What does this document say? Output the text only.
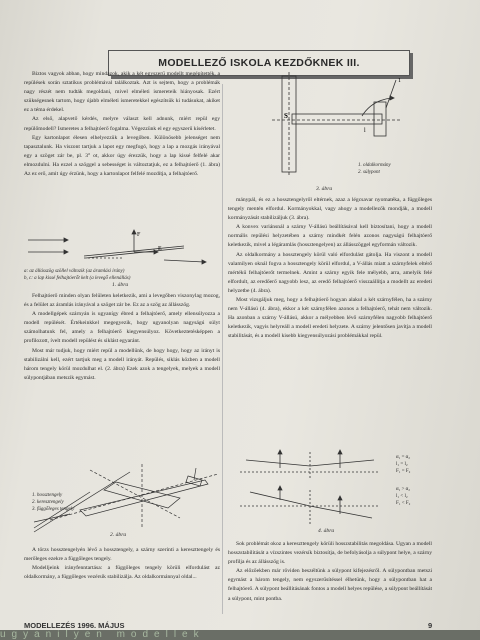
MODELLEZŐ ISKOLA KEZDŐKNEK III.

Biztos vagyok abban, hogy mindazok, akik a két egyszerű modellt megépítették, a repülések során sztatikus problémával találkoztak. Azt is sejtem, hogy a problémák nagy részét nem tudták megoldani, mivel elméleti ismereteik hiányosak. Ezért szükségesnek tartom, hogy újabb elméleti ismeretekkel egészítsük ki tudásukat, akiket ez a téma érdekel.

Az első, alapvető kérdés, melyre választ kell adnunk, miért repül egy repülőmodell? Ismeretes a felhajtóerő fogalma. Végezzünk el egy egyszerű kísérletet.

Egy kartonlapot élesen elhelyezzük a levegőben. Különösebb jelenséget nem tapasztalunk. Ha viszont tartjuk a lapot egy megfogó, hogy a lap a mozgás irányával egy a szöget zár be, pl. 3° ot, akkor úgy érezzük, hogy a lap kissé felfelé akar elmozdulni. Ha ezzel a szöggel a sebességet is változtatjuk, ez a felhajtóerő (1. ábra) Az ez erő, amit úgy érzünk, hogy a kartonlapot felfelé mozdítja, a felhajtóerő.

F
E
a: az állásszög szöllel változik (az áramlási irány)
b, c: a lap kissé felhajtóerőt kelt (a levegő ellenállás)
1. ábra

Felhajtóerő minden olyan felületen keletkezik, ami a levegőben viszonylag mozog, és a felület az áramlás irányával a szöget zár be. Ez az a szög az állásszög.

A modellgépek szárnyán is ugyanígy ébred a felhajtóerő, amely ellensúlyozza a modell repülését. Értékeinkkel megegyezik, hogy ugyanolyan nagyságú súlyt számolhatunk fel, amely a felhajtóerő kiegyensúlyoz. Következtetésképpen a profilozott, ívelt modell repülést és siklást egyaránt.

Most már tudjuk, hogy miért repül a modellünk, de hogy hogy, hogy az irányt is stabilizálni kell, ezért tartjuk meg a modell irányát. Repülés, siklás közben a modell három tengely körül mozdulhat el. (2. ábra) Ezek azok a tengelyek, melyek a modell súlypontjában metszik egymást.

1. hossztengely
2. keresztengely
3. függőleges tengely
2. ábra

A törzs hossztengelyén lévő a hossztengely, a szárny szerinti a kereszttengely és merőleges ezekre a függőleges tengely.

Modelljeink irányfenntartása: a függőleges tengely körüli elfordulást az oldalkormány, a függőleges vezérsík stabilizálja. Az oldalkormánnyal oldal...

S
l
1
1. oldalkormány
2. súlypont
3. ábra

mánypál, és ez a hossztengelyről eltérnek, azaz a légcsavar nyomatéka, a függőleges tengely mentén elfordul. Kormányokkal, vagy ahogy a modellezők mondják, a modell kormányzását stabilizáljuk (3. ábra).

A konvex variánsnál a szárny V-állású beállításával kell biztosítani, hogy a modell normális repülési helyzetében a szárny mindkét felén azonos nagyságú felhajtóerő keletkezik, mivel a légáramlás (hossztengelyen) az állásszöggel egyformán változik.

Az oldalkormány a hossztengely körül való elfordulást gátolja. Ha viszont a modell valamilyen oknál fogva a hossztengely körül elfordul, a V-állás miatt a szárnyfelek eltérő mértékű felhajtóerőt termelnek. Amint a szárny egyik fele mélyebb, arra, amelyik felé elfordult, az eredőerő nagyobb lesz, az eredő felhajtóerő visszaállítja a modellt az eredeti helyzetbe (4. ábra).

Most vizsgáljuk meg, hogy a felhajtóerő hogyan alakul a két szárnyfélen, ha a szárny nem V-állású (4. ábra), ekkor a két szárnyfélen azonos a felhajtóerő, tehát nem változik. Ha azonban a szárny V-állású, akkor a mélyebben lévő szárnyfélen nagyobb felhajtóerő keletkezik, vagyis helyreáll a modell eredeti helyzete. A szárny jelentősen javítja a modell stabilitását, és a modell kisebb kiegyensúlyozási problémákkal repül.

α₁ = α₂
l₁ = l₂
F₁ = F₂
α₁ > α₂
l₁ < l₂
F₁ < F₂
4. ábra

Sok problémát okoz a kereszttengely körüli hosszstabilitás megoldása. Ugyan a modell hosszstabilitását a vízszintes vezérsík biztosítja, de befolyásolja a súlypont helye, a szárny profilja és az állásszög is.

Az előzőekben már röviden beszéltünk a súlypont kifejezésről. A súlypontban metszi egymást a három tengely, nem egyszerűsítéssel élhetünk, hogy a súlypontban hat a felhajtóerő. A súlypont beállításának fontos a modell helyes repülése, a súlypont beállítását a súlypont, mint pontba.

MODELLEZÉS 1996. MÁJUS	9
ugyanilyen modellek
